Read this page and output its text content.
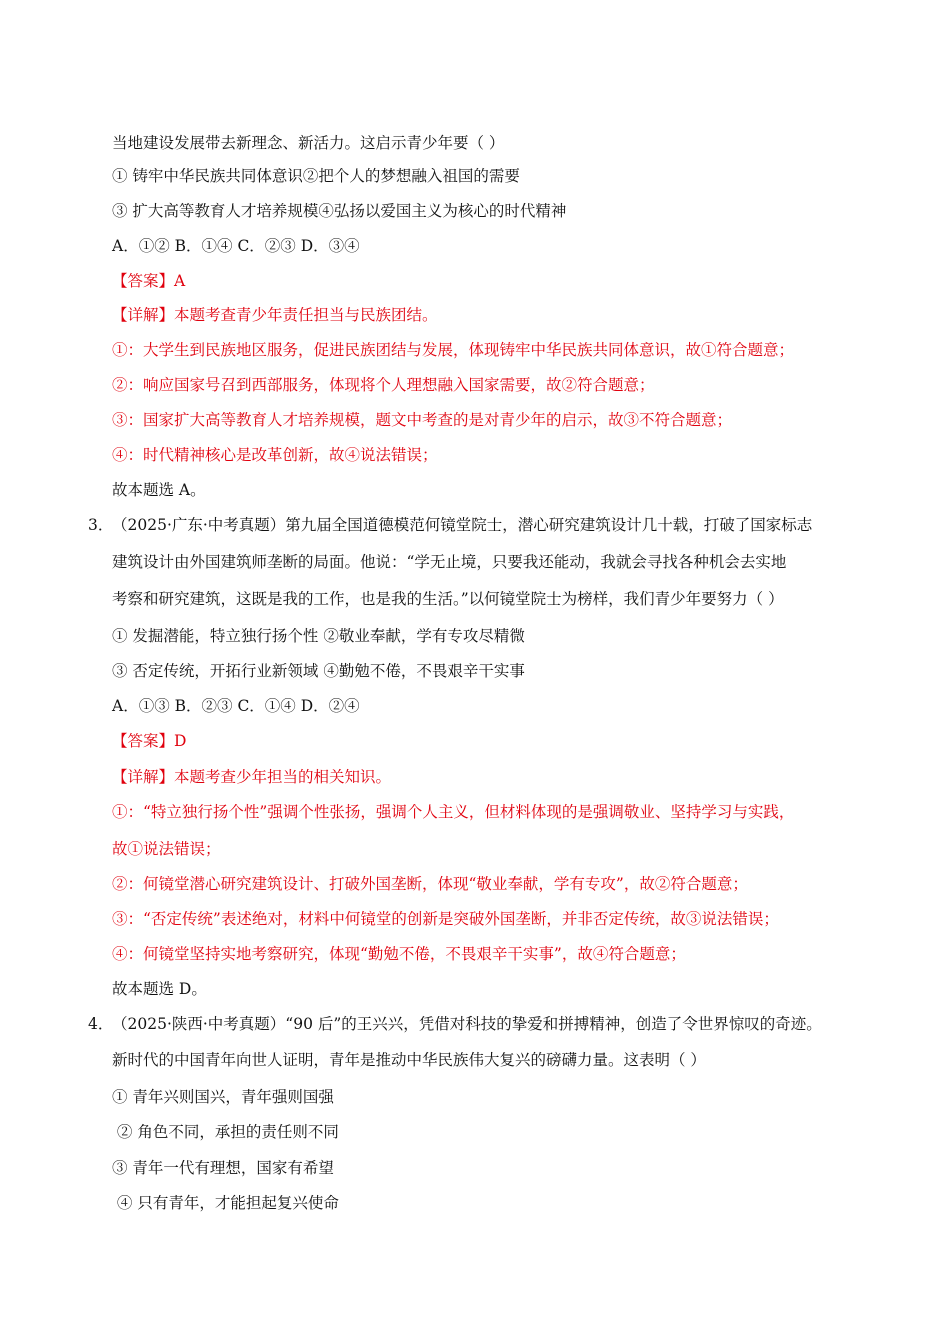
当地建设发展带去新理念、新活力。这启示青少年要（ ）
① 铸牢中华民族共同体意识②把个人的梦想融入祖国的需要
③ 扩大高等教育人才培养规模④弘扬以爱国主义为核心的时代精神
A．①② B．①④ C．②③ D．③④
【答案】A
【详解】本题考查青少年责任担当与民族团结。
①：大学生到民族地区服务，促进民族团结与发展，体现铸牢中华民族共同体意识，故①符合题意；
②：响应国家号召到西部服务，体现将个人理想融入国家需要，故②符合题意；
③：国家扩大高等教育人才培养规模，题文中考查的是对青少年的启示，故③不符合题意；
④：时代精神核心是改革创新，故④说法错误；
故本题选 A。
3．
（2025·广东·中考真题）第九届全国道德模范何镜堂院士，潜心研究建筑设计几十载，打破了国家标志
建筑设计由外国建筑师垄断的局面。他说：“学无止境，只要我还能动，我就会寻找各种机会去实地
考察和研究建筑，这既是我的工作，也是我的生活。”以何镜堂院士为榜样，我们青少年要努力（ ）
① 发掘潜能，特立独行扬个性 ②敬业奉献，学有专攻尽精微
③ 否定传统，开拓行业新领域 ④勤勉不倦，不畏艰辛干实事
A．①③ B．②③ C．①④ D．②④
【答案】D
【详解】本题考查少年担当的相关知识。
①：“特立独行扬个性”强调个性张扬，强调个人主义，但材料体现的是强调敬业、坚持学习与实践，
故①说法错误；
②：何镜堂潜心研究建筑设计、打破外国垄断，体现“敬业奉献，学有专攻”，故②符合题意；
③：“否定传统”表述绝对，材料中何镜堂的创新是突破外国垄断，并非否定传统，故③说法错误；
④：何镜堂坚持实地考察研究，体现“勤勉不倦，不畏艰辛干实事”，故④符合题意；
故本题选 D。
4．
（2025·陕西·中考真题）“90 后”的王兴兴，凭借对科技的挚爱和拼搏精神，创造了令世界惊叹的奇迹。
新时代的中国青年向世人证明，青年是推动中华民族伟大复兴的磅礴力量。这表明（ ）
① 青年兴则国兴，青年强则国强
② 角色不同，承担的责任则不同
③ 青年一代有理想，国家有希望
④ 只有青年，才能担起复兴使命
